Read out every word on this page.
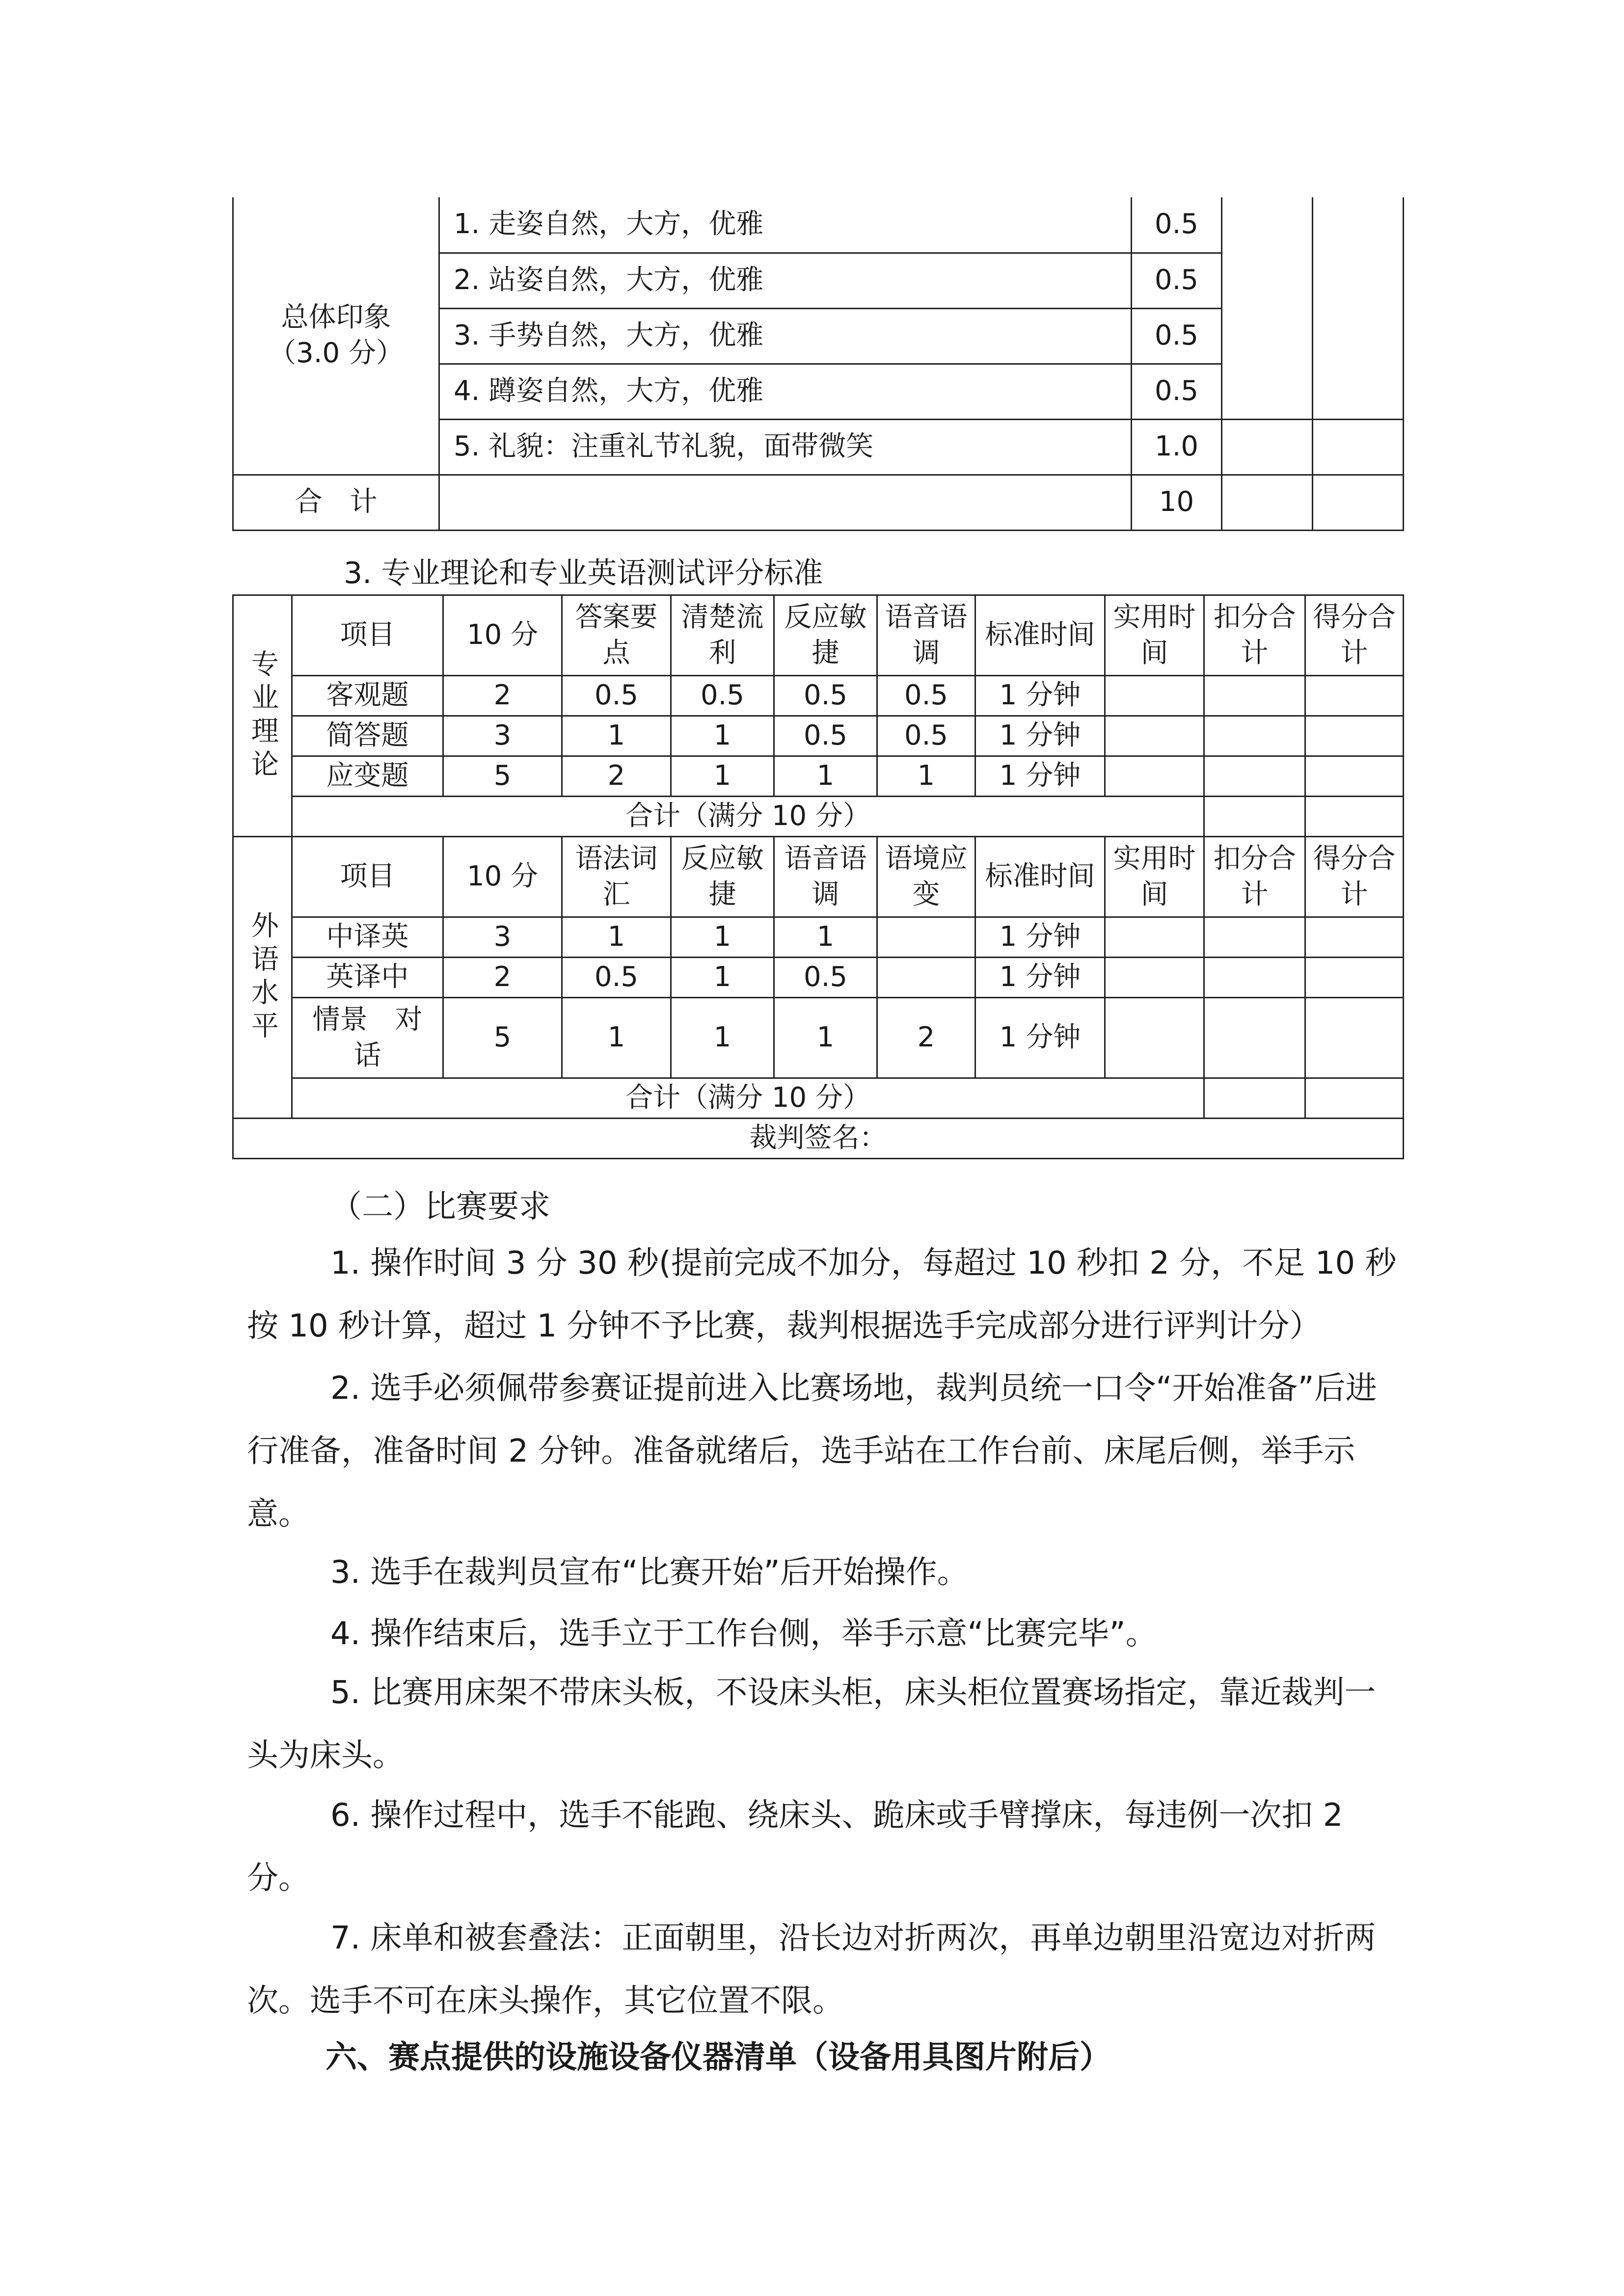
总体印象
（3.0 分）	1. 走姿自然，大方，优雅	0.5		
	2. 站姿自然，大方，优雅	0.5		
	3. 手势自然，大方，优雅	0.5		
	4. 蹲姿自然，大方，优雅	0.5		
	5. 礼貌：注重礼节礼貌，面带微笑	1.0		
合　计		10		
3. 专业理论和专业英语测试评分标准
专业理论	项目	10 分	答案要点	清楚流利	反应敏捷	语音语调	标准时间	实用时间	扣分合计	得分合计
	客观题	2	0.5	0.5	0.5	0.5	1 分钟			
	简答题	3	1	1	0.5	0.5	1 分钟			
	应变题	5	2	1	1	1	1 分钟			
	合计（满分 10 分）									
外语水平	项目	10 分	语法词汇	反应敏捷	语音语调	语境应变	标准时间	实用时间	扣分合计	得分合计
	中译英	3	1	1	1		1 分钟			
	英译中	2	0.5	1	0.5		1 分钟			
	情景　对话	5	1	1	1	2	1 分钟			
	合计（满分 10 分）									
裁判签名：										

（二）比赛要求

1. 操作时间 3 分 30 秒(提前完成不加分，每超过 10 秒扣 2 分，不足 10 秒按 10 秒计算，超过 1 分钟不予比赛，裁判根据选手完成部分进行评判计分）

2. 选手必须佩带参赛证提前进入比赛场地，裁判员统一口令“开始准备”后进行准备，准备时间 2 分钟。准备就绪后，选手站在工作台前、床尾后侧，举手示意。

3. 选手在裁判员宣布“比赛开始”后开始操作。

4. 操作结束后，选手立于工作台侧，举手示意“比赛完毕”。

5. 比赛用床架不带床头板，不设床头柜，床头柜位置赛场指定，靠近裁判一头为床头。

6. 操作过程中，选手不能跑、绕床头、跪床或手臂撑床，每违例一次扣 2 分。

7. 床单和被套叠法：正面朝里，沿长边对折两次，再单边朝里沿宽边对折两次。选手不可在床头操作，其它位置不限。

六、赛点提供的设施设备仪器清单（设备用具图片附后）
